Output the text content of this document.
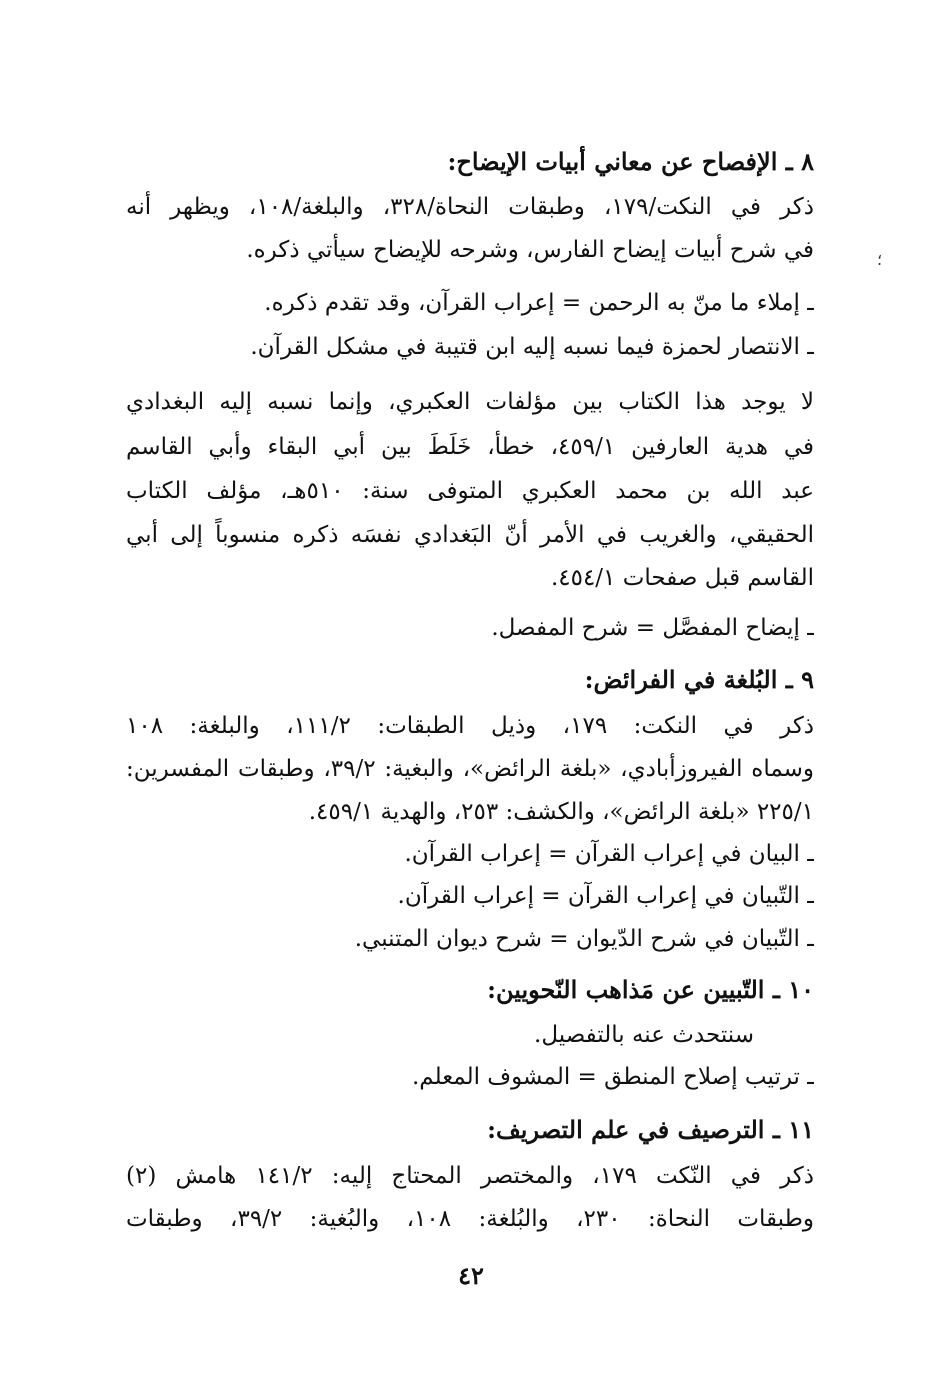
؛
٨ ـ الإفصاح عن معاني أبيات الإيضاح:
ذكر في النكت/١٧٩، وطبقات النحاة/٣٢٨، والبلغة/١٠٨، ويظهر أنه
في شرح أبيات إيضاح الفارس، وشرحه للإيضاح سيأتي ذكره.
ـ إملاء ما منّ به الرحمن = إعراب القرآن، وقد تقدم ذكره.
ـ الانتصار لحمزة فيما نسبه إليه ابن قتيبة في مشكل القرآن.
لا يوجد هذا الكتاب بين مؤلفات العكبري، وإنما نسبه إليه البغدادي
في هدية العارفين ٤٥٩/١، خطأ، خَلَطَ بين أبي البقاء وأبي القاسم
عبد الله بن محمد العكبري المتوفى سنة: ٥١٠هـ، مؤلف الكتاب
الحقيقي، والغريب في الأمر أنّ البَغدادي نفسَه ذكره منسوباً إلى أبي
القاسم قبل صفحات ٤٥٤/١.
ـ إيضاح المفصَّل = شرح المفصل.
٩ ـ البُلغة في الفرائض:
ذكر في النكت: ١٧٩، وذيل الطبقات: ١١١/٢، والبلغة: ١٠٨
وسماه الفيروزأبادي، «بلغة الرائض»، والبغية: ٣٩/٢، وطبقات المفسرين:
٢٢٥/١ «بلغة الرائض»، والكشف: ٢٥٣، والهدية ٤٥٩/١.
ـ البيان في إعراب القرآن = إعراب القرآن.
ـ التّبيان في إعراب القرآن = إعراب القرآن.
ـ التّبيان في شرح الدّيوان = شرح ديوان المتنبي.
١٠ ـ التّبيين عن مَذاهب النّحويين:
سنتحدث عنه بالتفصيل.
ـ ترتيب إصلاح المنطق = المشوف المعلم.
١١ ـ الترصيف في علم التصريف:
ذكر في النّكت ١٧٩، والمختصر المحتاج إليه: ١٤١/٢ هامش (٢)
وطبقات النحاة: ٢٣٠، والبُلغة: ١٠٨، والبُغية: ٣٩/٢، وطبقات
٤٢
